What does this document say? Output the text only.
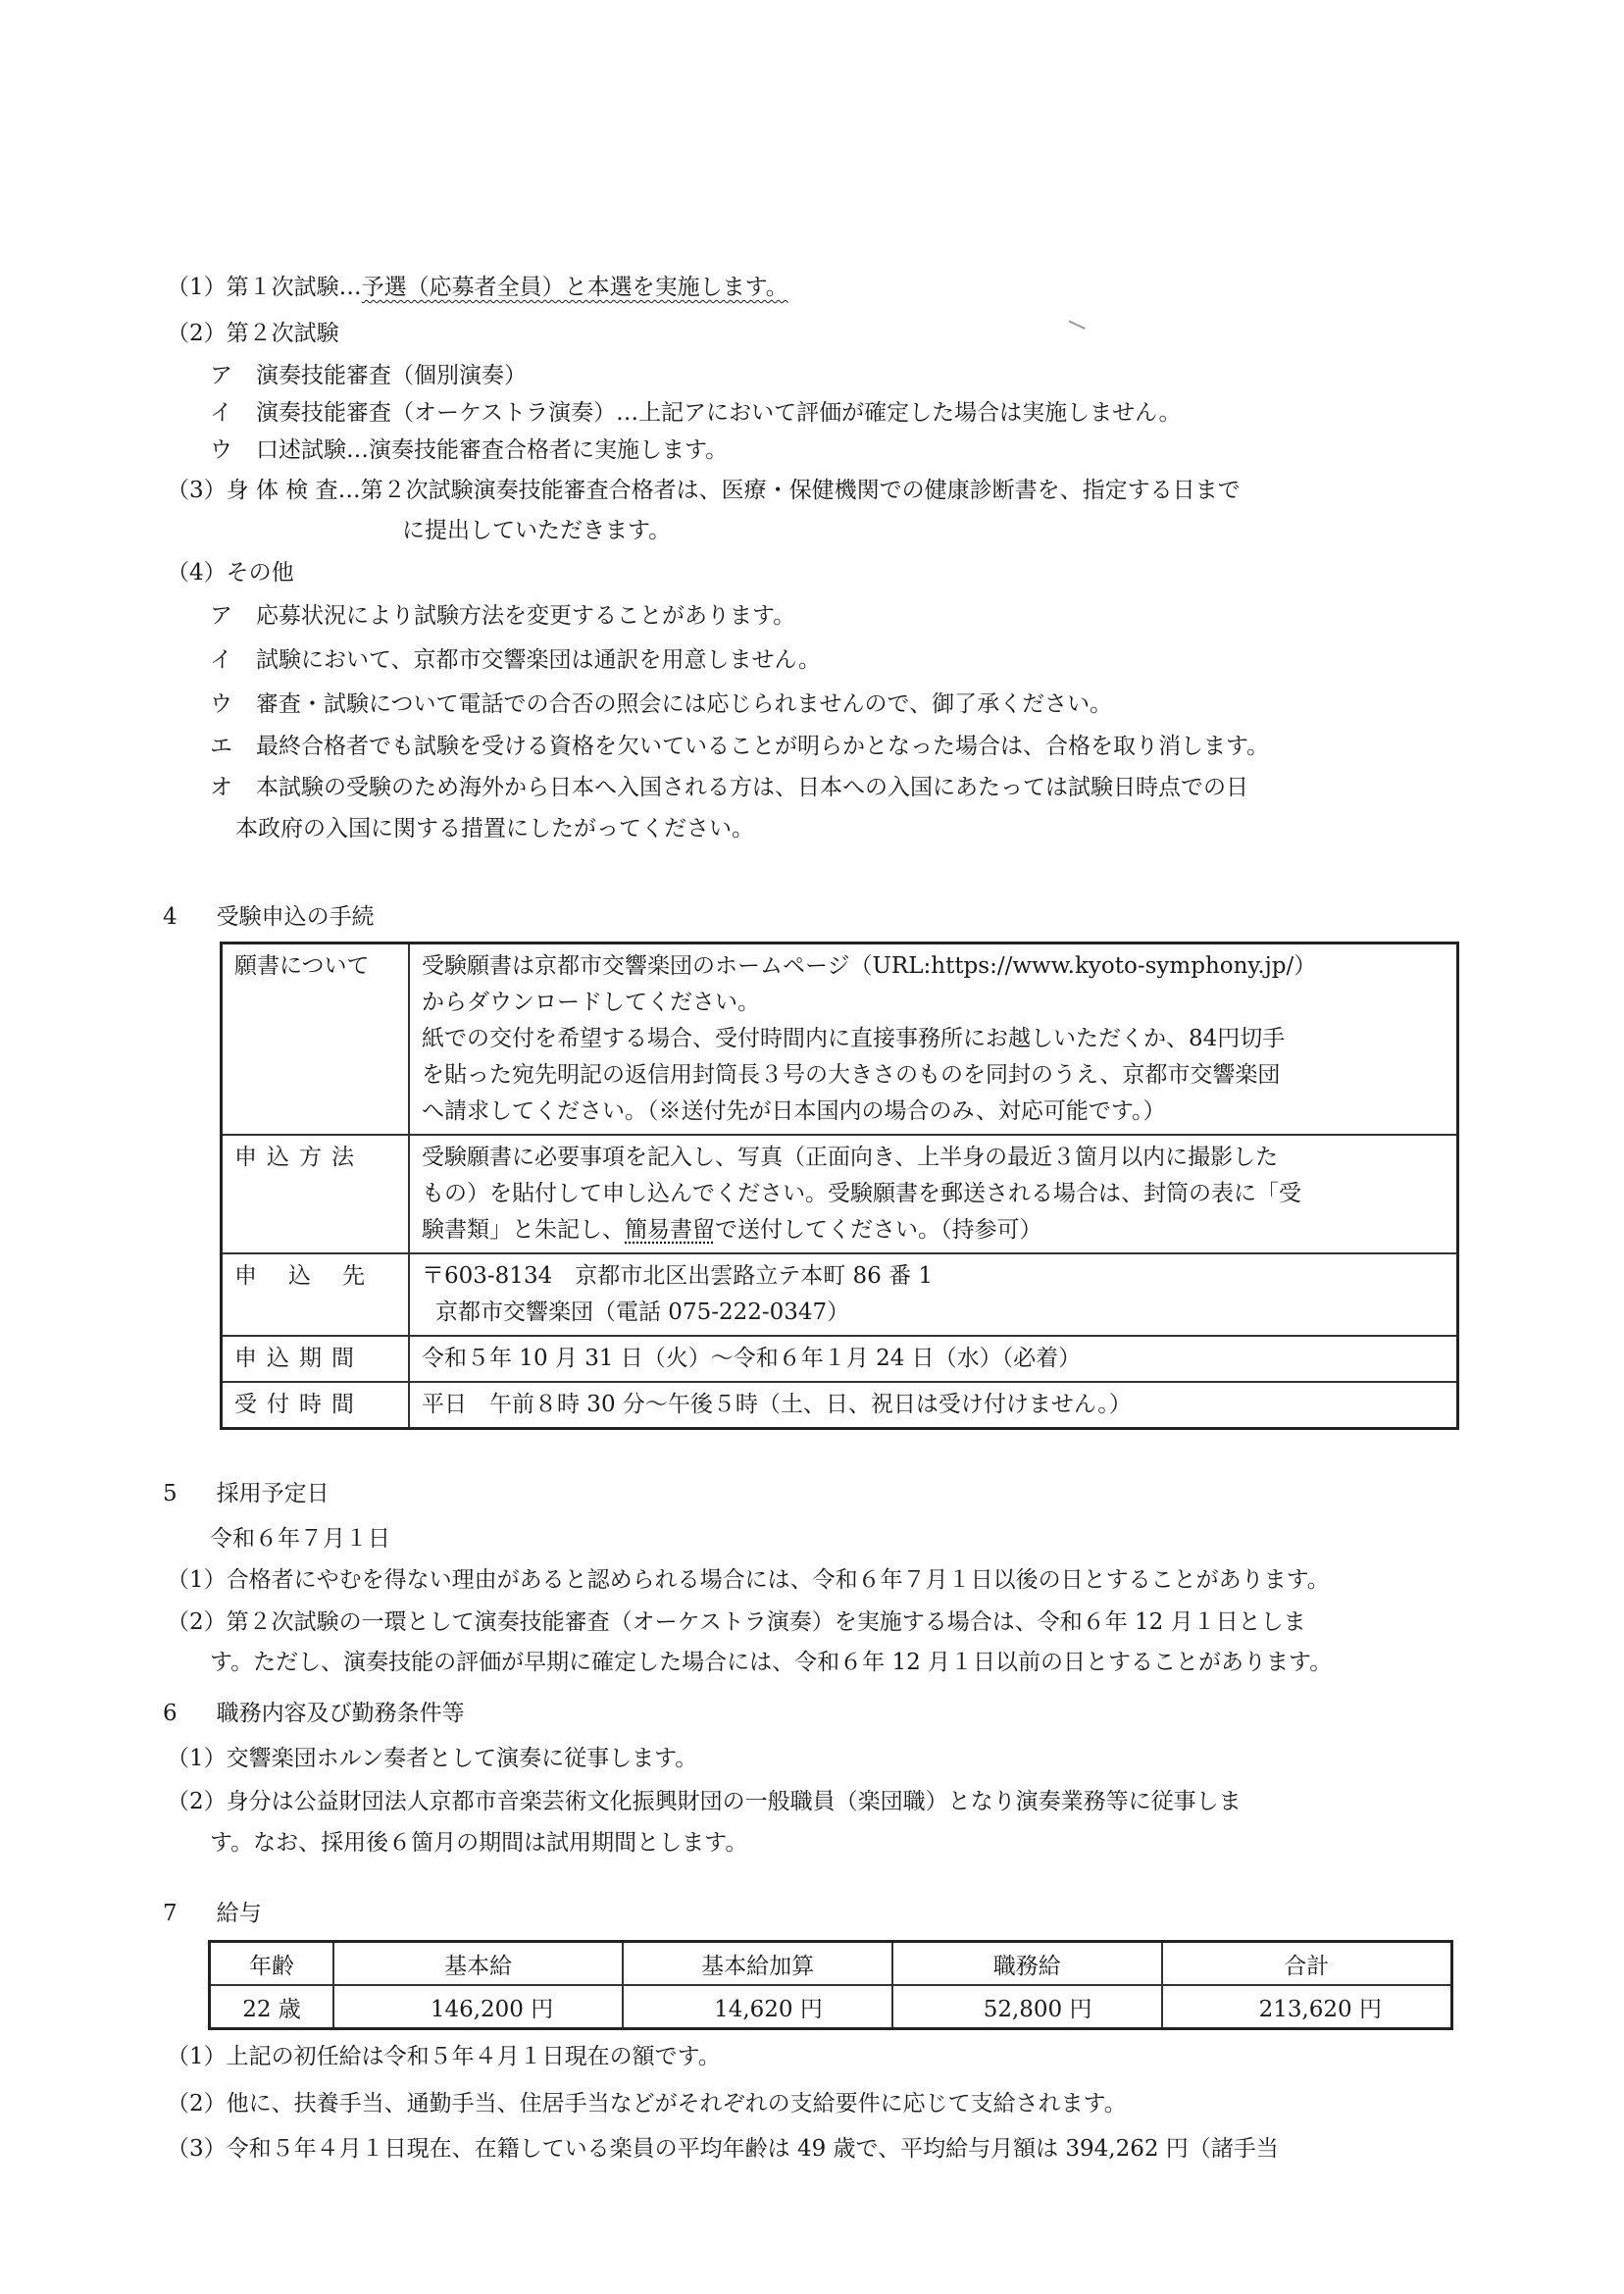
（1）第１次試験…予選（応募者全員）と本選を実施します。
（2）第２次試験
ア 演奏技能審査（個別演奏）
イ 演奏技能審査（オーケストラ演奏）…上記アにおいて評価が確定した場合は実施しません。
ウ 口述試験…演奏技能審査合格者に実施します。
（3）身 体 検 査…第２次試験演奏技能審査合格者は、医療・保健機関での健康診断書を、指定する日まで
に提出していただきます。
（4）その他
ア 応募状況により試験方法を変更することがあります。
イ 試験において、京都市交響楽団は通訳を用意しません。
ウ 審査・試験について電話での合否の照会には応じられませんので、御了承ください。
エ 最終合格者でも試験を受ける資格を欠いていることが明らかとなった場合は、合格を取り消します。
オ 本試験の受験のため海外から日本へ入国される方は、日本への入国にあたっては試験日時点での日
本政府の入国に関する措置にしたがってください。
4 受験申込の手続
願書について	受験願書は京都市交響楽団のホームページ（URL:https://www.kyoto-symphony.jp/）
からダウンロードしてください。
紙での交付を希望する場合、受付時間内に直接事務所にお越しいただくか、84円切手
を貼った宛先明記の返信用封筒長３号の大きさのものを同封のうえ、京都市交響楽団
へ請求してください。（※送付先が日本国内の場合のみ、対応可能です。）

申込方法	受験願書に必要事項を記入し、写真（正面向き、上半身の最近３箇月以内に撮影した
もの）を貼付して申し込んでください。受験願書を郵送される場合は、封筒の表に「受
験書類」と朱記し、簡易書留で送付してください。（持参可）

申込先	〒603-8134　京都市北区出雲路立テ本町 86 番 1
京都市交響楽団（電話 075-222-0347）

申込期間	令和５年 10 月 31 日（火）～令和６年１月 24 日（水）（必着）

受付時間	平日　午前８時 30 分～午後５時（土、日、祝日は受け付けません。）
5 採用予定日
令和６年７月１日
（1）合格者にやむを得ない理由があると認められる場合には、令和６年７月１日以後の日とすることがあります。
（2）第２次試験の一環として演奏技能審査（オーケストラ演奏）を実施する場合は、令和６年 12 月１日としま
す。ただし、演奏技能の評価が早期に確定した場合には、令和６年 12 月１日以前の日とすることがあります。
6 職務内容及び勤務条件等
（1）交響楽団ホルン奏者として演奏に従事します。
（2）身分は公益財団法人京都市音楽芸術文化振興財団の一般職員（楽団職）となり演奏業務等に従事しま
す。なお、採用後６箇月の期間は試用期間とします。
7 給与
年齢	基本給	基本給加算	職務給	合計
22 歳	146,200 円	14,620 円	52,800 円	213,620 円
（1）上記の初任給は令和５年４月１日現在の額です。
（2）他に、扶養手当、通勤手当、住居手当などがそれぞれの支給要件に応じて支給されます。
（3）令和５年４月１日現在、在籍している楽員の平均年齢は 49 歳で、平均給与月額は 394,262 円（諸手当
